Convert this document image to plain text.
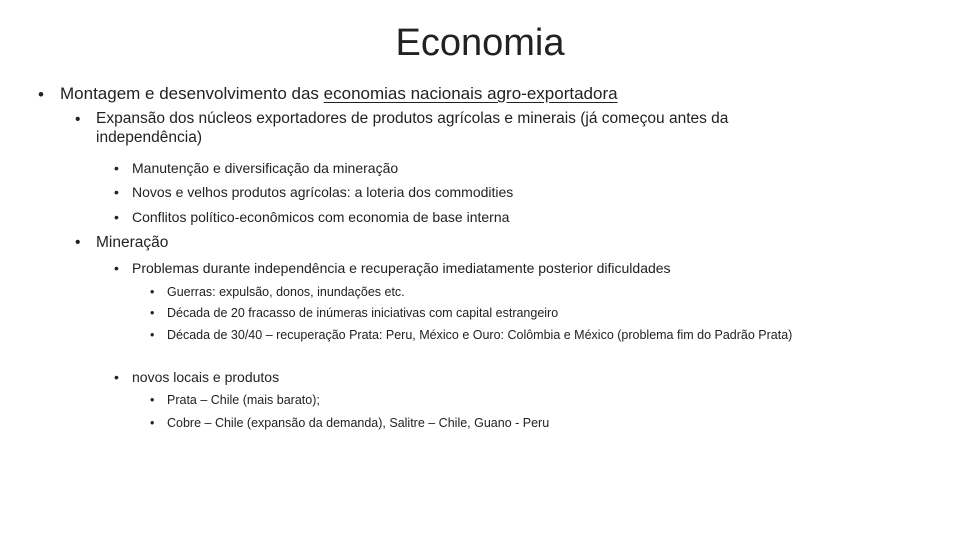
Economia
• Montagem e desenvolvimento das economias nacionais agro-exportadora
• Expansão dos núcleos exportadores de produtos agrícolas e minerais (já começou antes da independência)
• Manutenção e diversificação da mineração
• Novos e velhos produtos agrícolas: a loteria dos commodities
• Conflitos político-econômicos com economia de base interna
• Mineração
• Problemas durante independência e recuperação imediatamente posterior dificuldades
• Guerras: expulsão, donos, inundações etc.
• Década de 20 fracasso de inúmeras iniciativas com capital estrangeiro
• Década de 30/40 – recuperação Prata: Peru, México e Ouro: Colômbia e México (problema fim do Padrão Prata)
• novos locais e produtos
• Prata – Chile (mais barato);
• Cobre – Chile (expansão da demanda), Salitre – Chile, Guano - Peru
